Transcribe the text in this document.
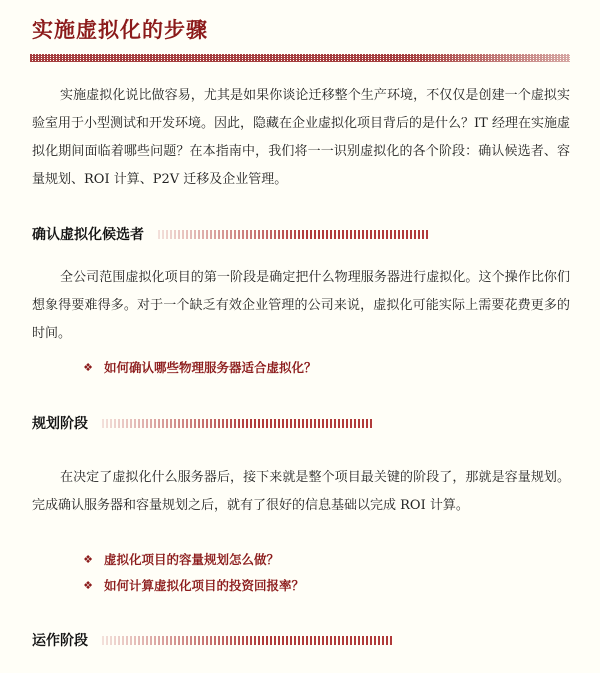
实施虚拟化的步骤

实施虚拟化说比做容易，尤其是如果你谈论迁移整个生产环境，不仅仅是创建一个虚拟实验室用于小型测试和开发环境。因此，隐藏在企业虚拟化项目背后的是什么？IT 经理在实施虚拟化期间面临着哪些问题？在本指南中，我们将一一识别虚拟化的各个阶段：确认候选者、容量规划、ROI 计算、P2V 迁移及企业管理。

确认虚拟化候选者

全公司范围虚拟化项目的第一阶段是确定把什么物理服务器进行虚拟化。这个操作比你们想象得要难得多。对于一个缺乏有效企业管理的公司来说，虚拟化可能实际上需要花费更多的时间。

❖ 如何确认哪些物理服务器适合虚拟化？
规划阶段

在决定了虚拟化什么服务器后，接下来就是整个项目最关键的阶段了，那就是容量规划。完成确认服务器和容量规划之后，就有了很好的信息基础以完成 ROI 计算。

❖ 虚拟化项目的容量规划怎么做？
❖ 如何计算虚拟化项目的投资回报率？
运作阶段
